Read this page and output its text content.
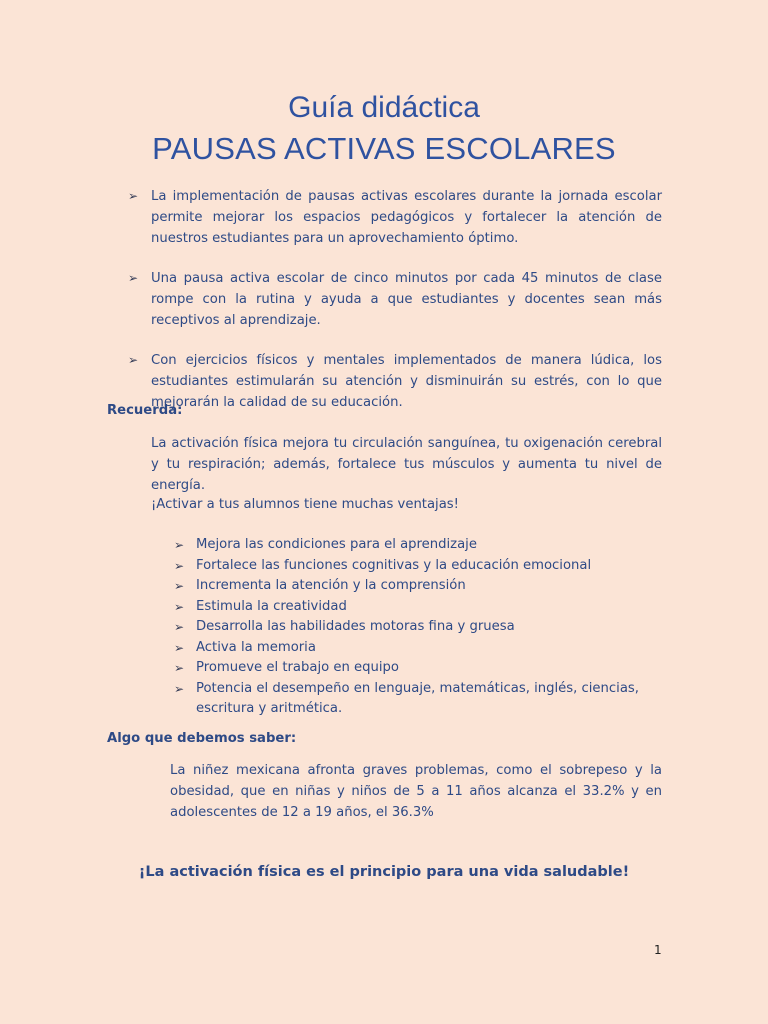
Guía didáctica
PAUSAS ACTIVAS ESCOLARES
➢ La implementación de pausas activas escolares durante la jornada escolar permite mejorar los espacios pedagógicos y fortalecer la atención de nuestros estudiantes para un aprovechamiento óptimo.
➢ Una pausa activa escolar de cinco minutos por cada 45 minutos de clase rompe con la rutina y ayuda a que estudiantes y docentes sean más receptivos al aprendizaje.
➢ Con ejercicios físicos y mentales implementados de manera lúdica, los estudiantes estimularán su atención y disminuirán su estrés, con lo que mejorarán la calidad de su educación.
Recuerda:
La activación física mejora tu circulación sanguínea, tu oxigenación cerebral y tu respiración; además, fortalece tus músculos y aumenta tu nivel de energía.
¡Activar a tus alumnos tiene muchas ventajas!
➢ Mejora las condiciones para el aprendizaje
➢ Fortalece las funciones cognitivas y la educación emocional
➢ Incrementa la atención y la comprensión
➢ Estimula la creatividad
➢ Desarrolla las habilidades motoras fina y gruesa
➢ Activa la memoria
➢ Promueve el trabajo en equipo
➢ Potencia el desempeño en lenguaje, matemáticas, inglés, ciencias, escritura y aritmética.
Algo que debemos saber:
La niñez mexicana afronta graves problemas, como el sobrepeso y la obesidad, que en niñas y niños de 5 a 11 años alcanza el 33.2% y en adolescentes de 12 a 19 años, el 36.3%
¡La activación física es el principio para una vida saludable!
1
